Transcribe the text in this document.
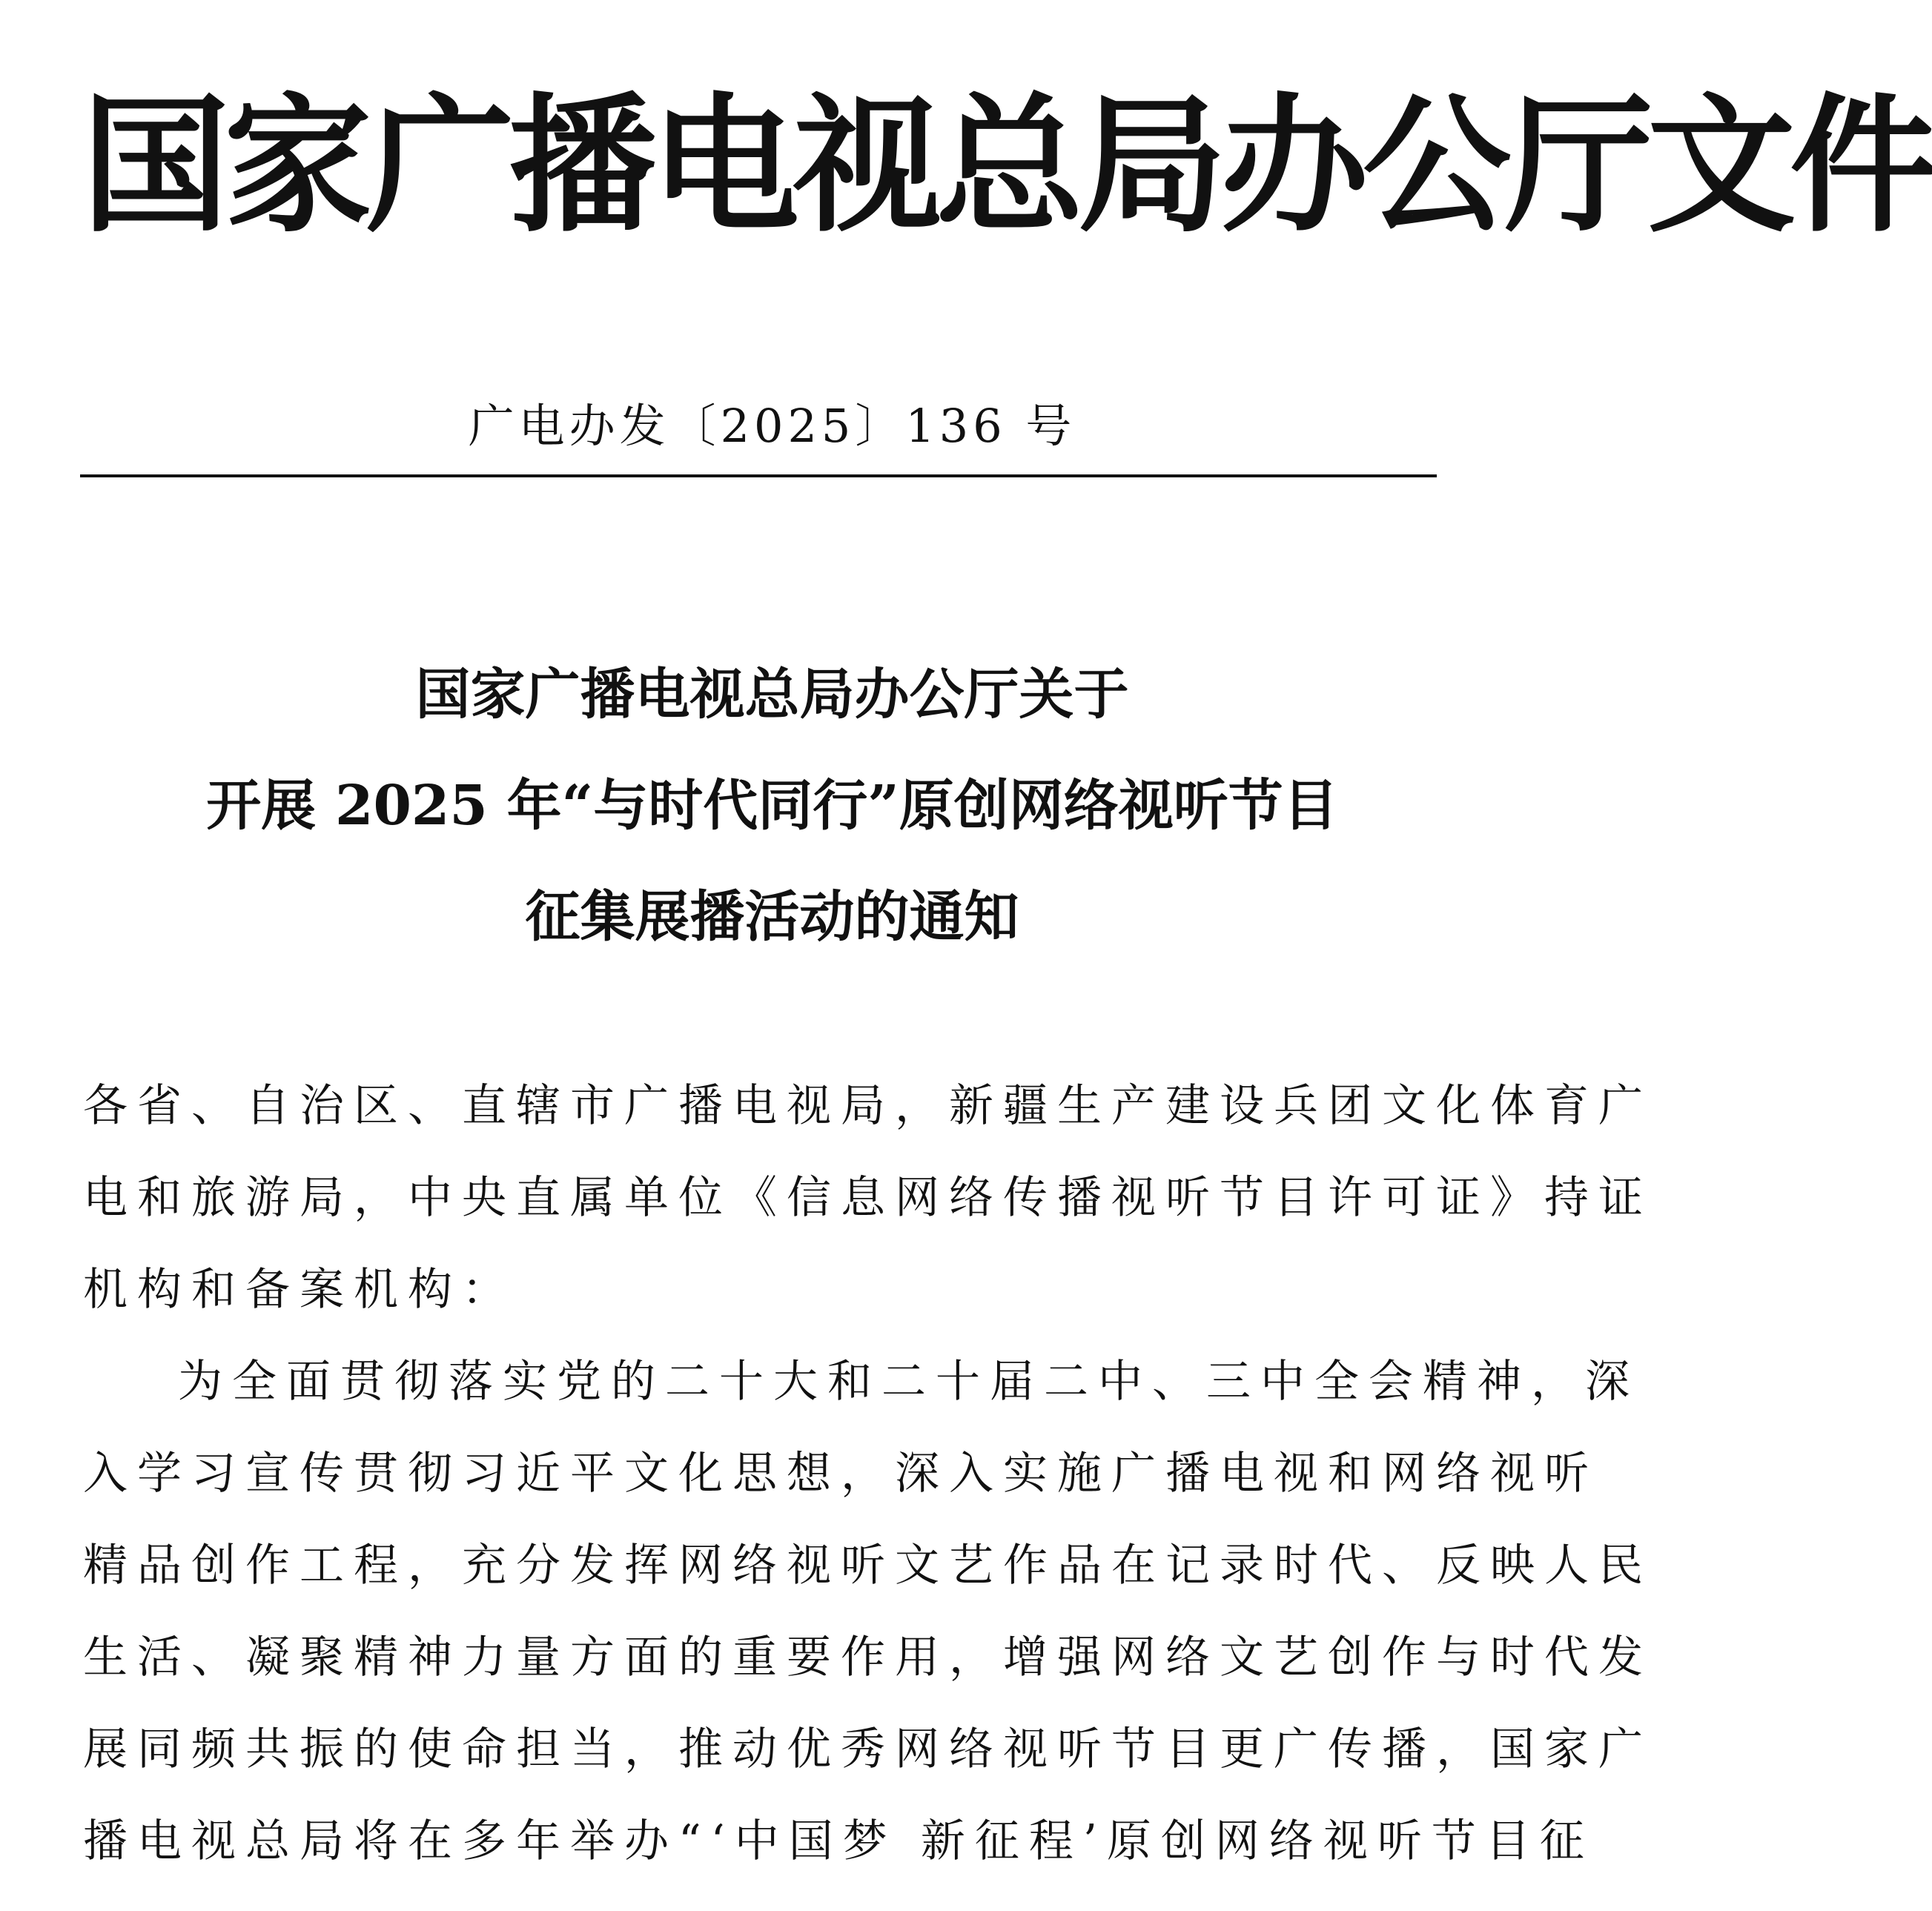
国家广播电视总局办公厅文件
广电办发〔2025〕136 号
国家广播电视总局办公厅关于
开展 2025 年“与时代同行”原创网络视听节目
征集展播活动的通知
各省、自治区、直辖市广播电视局，新疆生产建设兵团文化体育广
电和旅游局，中央直属单位《信息网络传播视听节目许可证》持证
机构和备案机构：
为全面贯彻落实党的二十大和二十届二中、三中全会精神，深
入学习宣传贯彻习近平文化思想，深入实施广播电视和网络视听
精品创作工程，充分发挥网络视听文艺作品在记录时代、反映人民
生活、凝聚精神力量方面的重要作用，增强网络文艺创作与时代发
展同频共振的使命担当，推动优秀网络视听节目更广传播，国家广
播电视总局将在多年举办“‘中国梦 新征程’原创网络视听节目征
